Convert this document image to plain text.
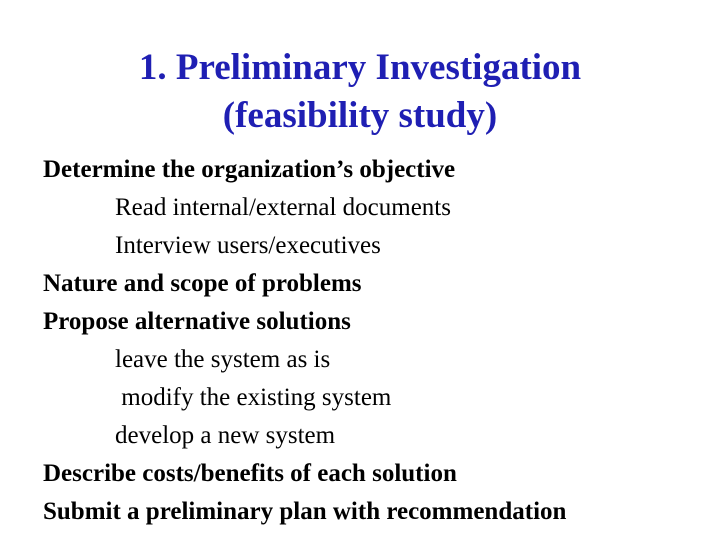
1. Preliminary Investigation
(feasibility study)
Determine the organization’s objective
Read internal/external documents
Interview users/executives
Nature and scope of problems
Propose alternative solutions
leave the system as is
modify the existing system
develop a new system
Describe costs/benefits of each solution
Submit a preliminary plan with recommendation
